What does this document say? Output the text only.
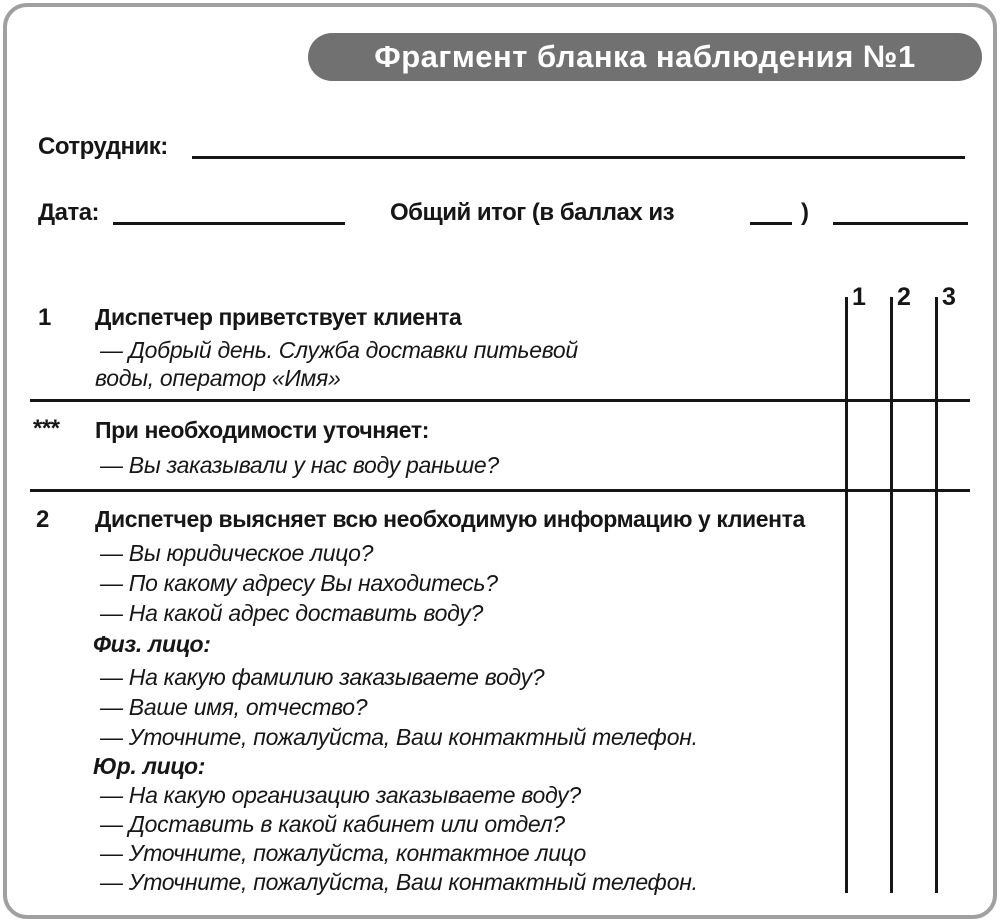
Фрагмент бланка наблюдения №1
Сотрудник:
Дата:	Общий итог (в баллах из	)
1 2 3
1 Диспетчер приветствует клиента
— Добрый день. Служба доставки питьевой
воды, оператор «Имя»
*** При необходимости уточняет:
— Вы заказывали у нас воду раньше?
2 Диспетчер выясняет всю необходимую информацию у клиента
— Вы юридическое лицо?
— По какому адресу Вы находитесь?
— На какой адрес доставить воду?
Физ. лицо:
— На какую фамилию заказываете воду?
— Ваше имя, отчество?
— Уточните, пожалуйста, Ваш контактный телефон.
Юр. лицо:
— На какую организацию заказываете воду?
— Доставить в какой кабинет или отдел?
— Уточните, пожалуйста, контактное лицо
— Уточните, пожалуйста, Ваш контактный телефон.
